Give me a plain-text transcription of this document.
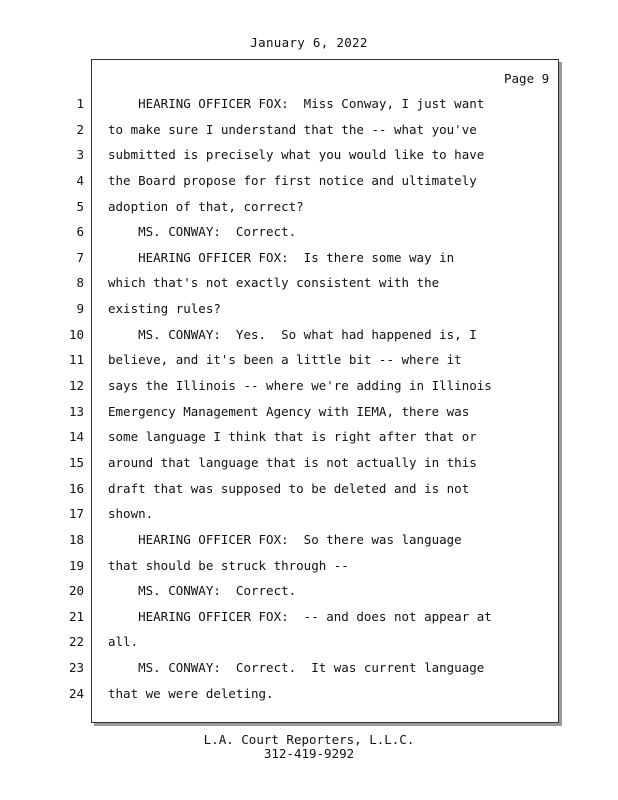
January 6, 2022
Page 9
1
2
3
4
5
6
7
8
9
10
11
12
13
14
15
16
17
18
19
20
21
22
23
24
HEARING OFFICER FOX:  Miss Conway, I just want
to make sure I understand that the -- what you've
submitted is precisely what you would like to have
the Board propose for first notice and ultimately
adoption of that, correct?
MS. CONWAY:  Correct.
HEARING OFFICER FOX:  Is there some way in
which that's not exactly consistent with the
existing rules?
MS. CONWAY:  Yes.  So what had happened is, I
believe, and it's been a little bit -- where it
says the Illinois -- where we're adding in Illinois
Emergency Management Agency with IEMA, there was
some language I think that is right after that or
around that language that is not actually in this
draft that was supposed to be deleted and is not
shown.
HEARING OFFICER FOX:  So there was language
that should be struck through --
MS. CONWAY:  Correct.
HEARING OFFICER FOX:  -- and does not appear at
all.
MS. CONWAY:  Correct.  It was current language
that we were deleting.
L.A. Court Reporters, L.L.C.
312-419-9292
